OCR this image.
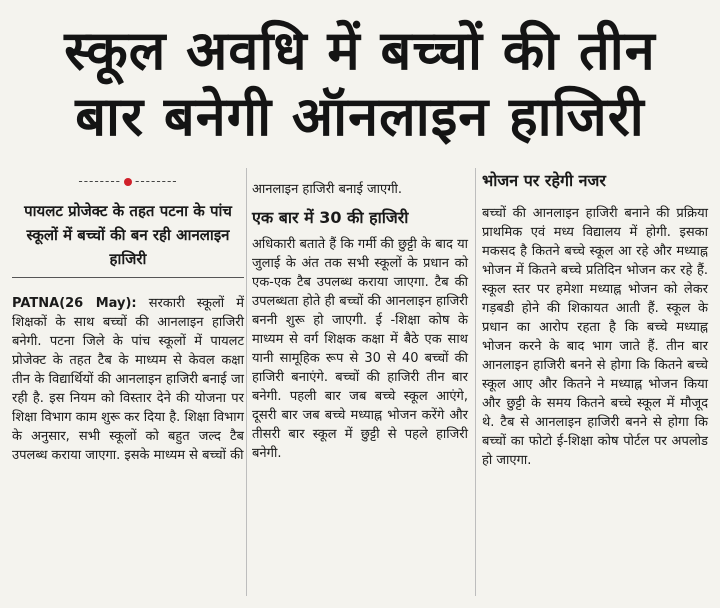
स्कूल अवधि में बच्चों की तीन
बार बनेगी ऑनलाइन हाजिरी
-------- --------
पायलट प्रोजेक्ट के तहत पटना के पांच स्कूलों में बच्चों की बन रही आनलाइन हाजिरी

PATNA(26 May): सरकारी स्कूलों में शिक्षकों के साथ बच्चों की आनलाइन हाजिरी बनेगी. पटना जिले के पांच स्कूलों में पायलट प्रोजेक्ट के तहत टैब के माध्यम से केवल कक्षा तीन के विद्यार्थियों की आनलाइन हाजिरी बनाई जा रही है. इस नियम को विस्तार देने की योजना पर शिक्षा विभाग काम शुरू कर दिया है. शिक्षा विभाग के अनुसार, सभी स्कूलों को बहुत जल्द टैब उपलब्ध कराया जाएगा. इसके माध्यम से बच्चों की

आनलाइन हाजिरी बनाई जाएगी.

एक बार में 30 की हाजिरी

अधिकारी बताते हैं कि गर्मी की छुट्टी के बाद या जुलाई के अंत तक सभी स्कूलों के प्रधान को एक-एक टैब उपलब्ध कराया जाएगा. टैब की उपलब्धता होते ही बच्चों की आनलाइन हाजिरी बननी शुरू हो जाएगी. ई -शिक्षा कोष के माध्यम से वर्ग शिक्षक कक्षा में बैठे एक साथ यानी सामूहिक रूप से 30 से 40 बच्चों की हाजिरी बनाएंगे. बच्चों की हाजिरी तीन बार बनेगी. पहली बार जब बच्चे स्कूल आएंगे, दूसरी बार जब बच्चे मध्याह्न भोजन करेंगे और तीसरी बार स्कूल में छुट्टी से पहले हाजिरी बनेगी.

भोजन पर रहेगी नजर

बच्चों की आनलाइन हाजिरी बनाने की प्रक्रिया प्राथमिक एवं मध्य विद्यालय में होगी. इसका मकसद है कितने बच्चे स्कूल आ रहे और मध्याह्न भोजन में कितने बच्चे प्रतिदिन भोजन कर रहे हैं. स्कूल स्तर पर हमेशा मध्याह्न भोजन को लेकर गड़बडी होने की शिकायत आती हैं. स्कूल के प्रधान का आरोप रहता है कि बच्चे मध्याह्न भोजन करने के बाद भाग जाते हैं. तीन बार आनलाइन हाजिरी बनने से होगा कि कितने बच्चे स्कूल आए और कितने ने मध्याह्न भोजन किया और छुट्टी के समय कितने बच्चे स्कूल में मौजूद थे. टैब से आनलाइन हाजिरी बनने से होगा कि बच्चों का फोटो ई-शिक्षा कोष पोर्टल पर अपलोड हो जाएगा.
